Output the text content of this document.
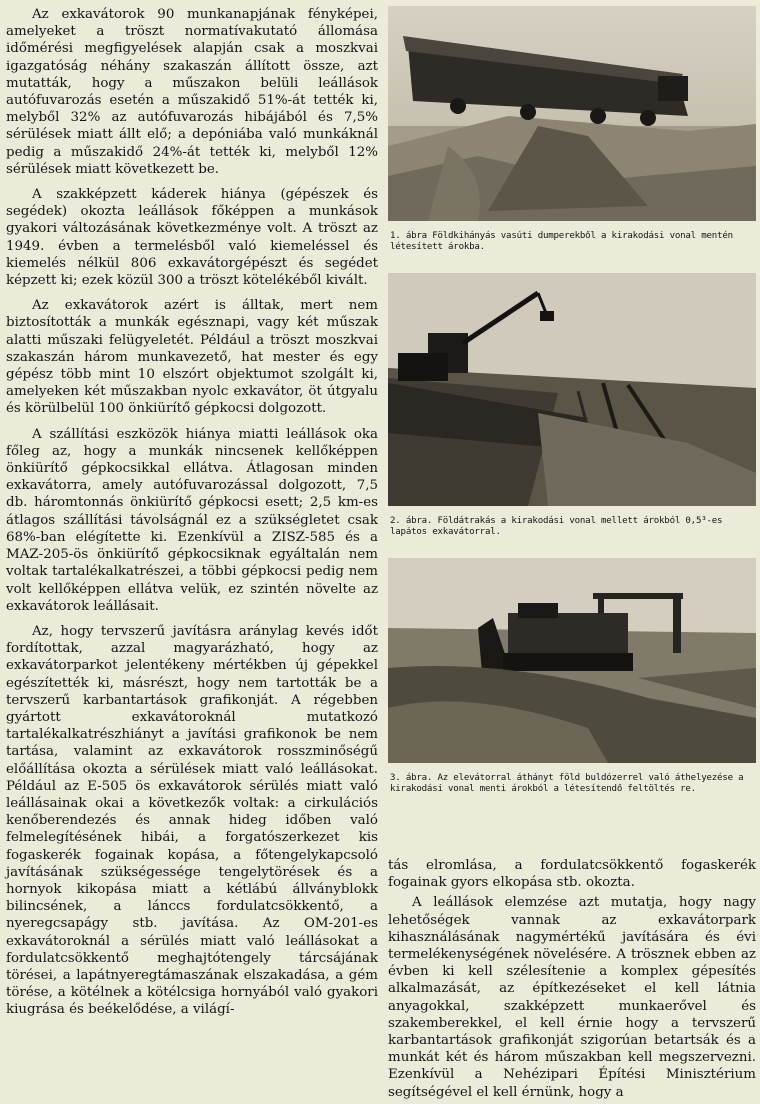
Az exkavátorok 90 munkanapjának fényképei, amelyeket a tröszt normatívakutató állomása időmérési megfigyelések alapján csak a moszkvai igazgatóság néhány szakaszán állított össze, azt mutatták, hogy a műszakon belüli leállások autófuvarozás esetén a műszakidő 51%-át tették ki, melyből 32% az autófuvarozás hibájából és 7,5% sérülések miatt állt elő; a depóniába való munkáknál pedig a műszakidő 24%-át tették ki, melyből 12% sérülések miatt következett be.

A szakképzett káderek hiánya (gépészek és segédek) okozta leállások főképpen a munkások gyakori változásának következménye volt. A tröszt az 1949. évben a termelésből való kiemeléssel és kiemelés nélkül 806 exkavátorgépészt és segédet képzett ki; ezek közül 300 a tröszt kötelékéből kivált.

Az exkavátorok azért is álltak, mert nem biztosították a munkák egésznapi, vagy két műszak alatti műszaki felügyeletét. Például a tröszt moszkvai szakaszán három munkavezető, hat mester és egy gépész több mint 10 elszórt objektumot szolgált ki, amelyeken két műszakban nyolc exkavátor, öt útgyalu és körülbelül 100 önkiürítő gépkocsi dolgozott.

A szállítási eszközök hiánya miatti leállások oka főleg az, hogy a munkák nincsenek kellőképpen önkiürítő gépkocsikkal ellátva. Átlagosan minden exkavátorra, amely autófuvarozással dolgozott, 7,5 db. háromtonnás önkiürítő gépkocsi esett; 2,5 km-es átlagos szállítási távolságnál ez a szükségletet csak 68%-ban elégítette ki. Ezenkívül a ZISZ-585 és a MAZ-205-ös önkiürítő gépkocsiknak egyáltalán nem voltak tartalékalkatrészei, a többi gépkocsi pedig nem volt kellőképpen ellátva velük, ez szintén növelte az exkavátorok leállásait.

Az, hogy tervszerű javításra aránylag kevés időt fordítottak, azzal magyarázható, hogy az exkavátorparkot jelentékeny mértékben új gépekkel egészítették ki, másrészt, hogy nem tartották be a tervszerű karbantartások grafikonját. A régebben gyártott exkavátoroknál mutatkozó tartalékalkatrészhiányt a javítási grafikonok be nem tartása, valamint az exkavátorok rosszminőségű előállítása okozta a sérülések miatt való leállásokat. Például az E-505 ös exkavátorok sérülés miatt való leállásainak okai a következők voltak: a cirkulációs kenőberendezés és annak hideg időben való felmelegítésének hibái, a forgatószerkezet kis fogaskerék fogainak kopása, a főtengelykapcsoló javításának szükségessége tengelytörések és a hornyok kikopása miatt a kétlábú állványblokk bilincsének, a lánccs fordulatcsökkentő, a nyeregcsapágy stb. javítása. Az OM-201-es exkavátoroknál a sérülés miatt való leállásokat a fordulatcsökkentő meghajtótengely tárcsájának törései, a lapátnyeregtámaszának elszakadása, a gém törése, a kötélnek a kötélcsiga hornyából való gyakori kiugrása és beékelődése, a világí-

1. ábra Földkihányás vasúti dumperekből a kirakodási vonal mentén létesített árokba.

2. ábra. Földátrakás a kirakodási vonal mellett árokból 0,5³-es lapátos exkavátorral.

3. ábra. Az elevátorral áthányt föld buldózerrel való áthelyezése a kirakodási vonal menti árokból a létesítendő feltöltés re.

tás elromlása, a fordulatcsökkentő fogaskerék fogainak gyors elkopása stb. okozta.

A leállások elemzése azt mutatja, hogy nagy lehetőségek vannak az exkavátorpark kihasználásának nagymértékű javítására és évi termelékenységének növelésére. A trösznek ebben az évben ki kell szélesítenie a komplex gépesítés alkalmazását, az építkezéseket el kell látnia anyagokkal, szakképzett munkaerővel és szakemberekkel, el kell érnie hogy a tervszerű karbantartások grafikonját szigorúan betartsák és a munkát két és három műszakban kell megszervezni. Ezenkívül a Nehézipari Építési Minisztérium segítségével el kell érnünk, hogy a
